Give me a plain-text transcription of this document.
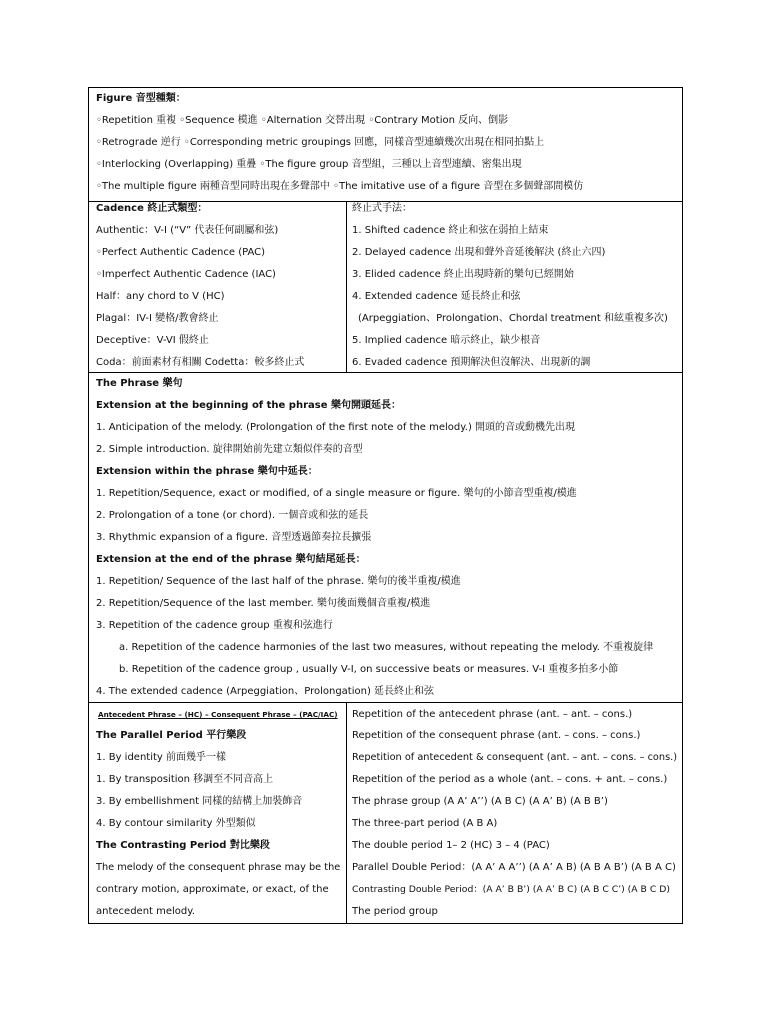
Figure 音型種類：
◦Repetition 重複 ◦Sequence 模進 ◦Alternation 交替出現 ◦Contrary Motion 反向、倒影
◦Retrograde 逆行 ◦Corresponding metric groupings 回應，同樣音型連續幾次出現在相同拍點上
◦Interlocking (Overlapping) 重疊 ◦The figure group 音型組，三種以上音型連續、密集出現
◦The multiple figure 兩種音型同時出現在多聲部中 ◦The imitative use of a figure 音型在多個聲部間模仿
Cadence 終止式類型：
Authentic：V-I (“V” 代表任何副屬和弦)
◦Perfect Authentic Cadence (PAC)
◦Imperfect Authentic Cadence (IAC)
Half：any chord to V (HC)
Plagal：IV-I 變格/教會終止
Deceptive：V-VI 假終止
Coda：前面素材有相關 Codetta：較多終止式
終止式手法：
1. Shifted cadence 終止和弦在弱拍上結束
2. Delayed cadence 出現和聲外音延後解決 (終止六四)
3. Elided cadence 終止出現時新的樂句已經開始
4. Extended cadence 延長終止和弦
(Arpeggiation、Prolongation、Chordal treatment 和絃重複多次)
5. Implied cadence 暗示終止，缺少根音
6. Evaded cadence 預期解決但沒解決、出現新的調
The Phrase 樂句
Extension at the beginning of the phrase 樂句開頭延長：
1. Anticipation of the melody. (Prolongation of the first note of the melody.) 開頭的音或動機先出現
2. Simple introduction. 旋律開始前先建立類似伴奏的音型
Extension within the phrase 樂句中延長：
1. Repetition/Sequence, exact or modified, of a single measure or figure. 樂句的小節音型重複/模進
2. Prolongation of a tone (or chord). 一個音或和弦的延長
3. Rhythmic expansion of a figure. 音型透過節奏拉長擴張
Extension at the end of the phrase 樂句結尾延長：
1. Repetition/ Sequence of the last half of the phrase. 樂句的後半重複/模進
2. Repetition/Sequence of the last member. 樂句後面幾個音重複/模進
3. Repetition of the cadence group 重複和弦進行
a. Repetition of the cadence harmonies of the last two measures, without repeating the melody. 不重複旋律
b. Repetition of the cadence group , usually V-I, on successive beats or measures. V-I 重複多拍多小節
4. The extended cadence (Arpeggiation、Prolongation) 延長終止和弦
Antecedent Phrase – (HC) – Consequent Phrase – (PAC/IAC)
The Parallel Period 平行樂段
1. By identity 前面幾乎一樣
1. By transposition 移調至不同音高上
3. By embellishment 同樣的結構上加裝飾音
4. By contour similarity 外型類似
The Contrasting Period 對比樂段
The melody of the consequent phrase may be the
contrary motion, approximate, or exact, of the
antecedent melody.
Repetition of the antecedent phrase (ant. – ant. – cons.)
Repetition of the consequent phrase (ant. – cons. – cons.)
Repetition of antecedent & consequent (ant. – ant. – cons. – cons.)
Repetition of the period as a whole (ant. – cons. + ant. – cons.)
The phrase group (A A’ A’’) (A B C) (A A’ B) (A B B’)
The three-part period (A B A)
The double period 1– 2 (HC) 3 – 4 (PAC)
Parallel Double Period：(A A’ A A’’) (A A’ A B) (A B A B’) (A B A C)
Contrasting Double Period：(A A’ B B’) (A A’ B C) (A B C C’) (A B C D)
The period group
